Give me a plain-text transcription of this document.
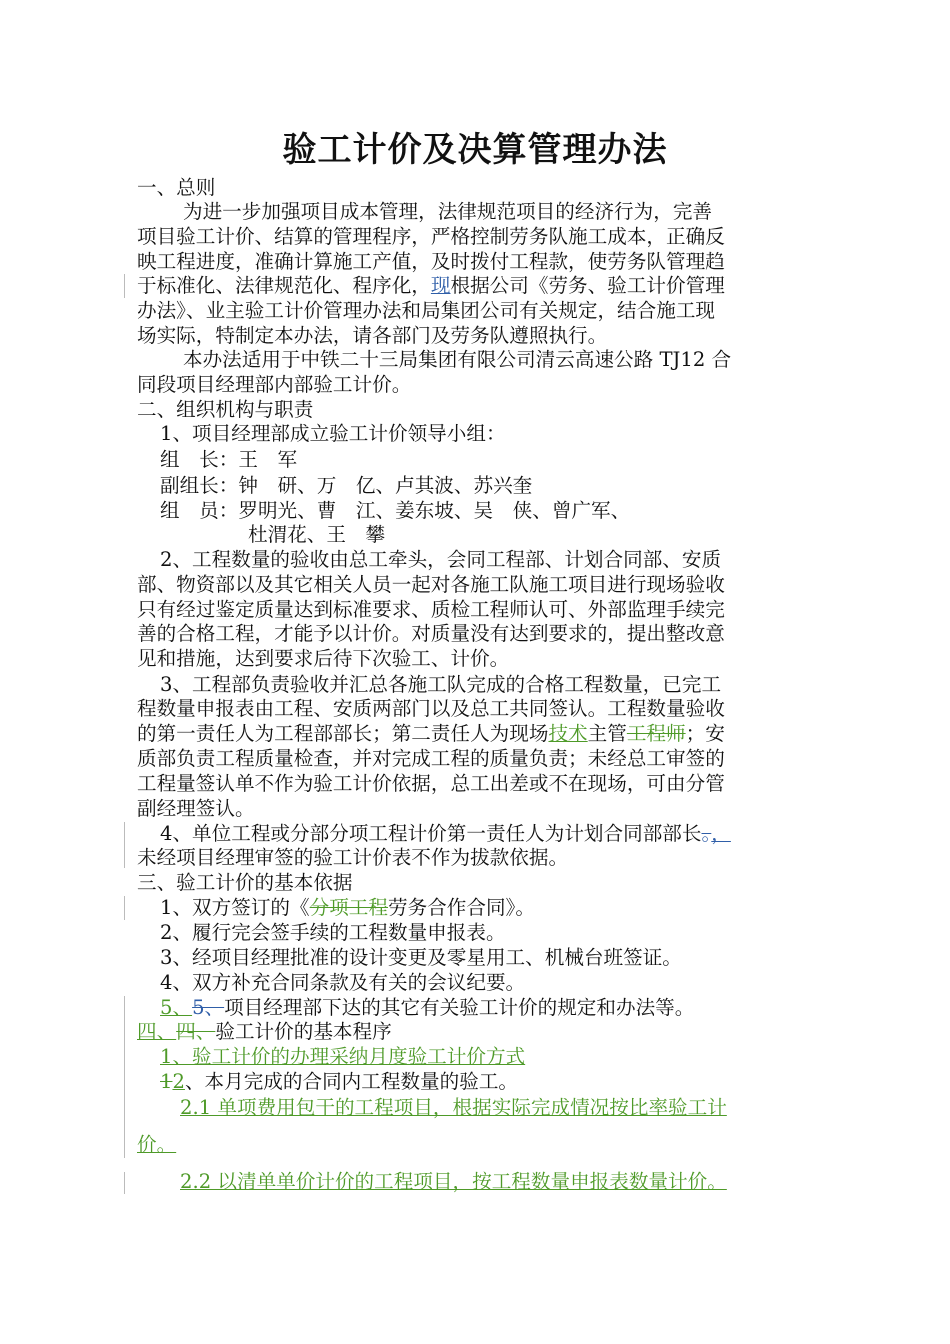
验工计价及决算管理办法
一、总则
为进一步加强项目成本管理，法律规范项目的经济行为，完善
项目验工计价、结算的管理程序，严格控制劳务队施工成本，正确反
映工程进度，准确计算施工产值，及时拨付工程款，使劳务队管理趋
于标准化、法律规范化、程序化，现根据公司《劳务、验工计价管理
办法》、业主验工计价管理办法和局集团公司有关规定，结合施工现
场实际，特制定本办法，请各部门及劳务队遵照执行。
本办法适用于中铁二十三局集团有限公司清云高速公路 TJ12 合
同段项目经理部内部验工计价。
二、组织机构与职责
1、项目经理部成立验工计价领导小组：
组　长：王　军
副组长：钟　研、万　亿、卢其波、苏兴奎
组　员：罗明光、曹　江、姜东坡、吴　侠、曾广军、
杜渭花、王　攀
2、工程数量的验收由总工牵头，会同工程部、计划合同部、安质
部、物资部以及其它相关人员一起对各施工队施工项目进行现场验收
只有经过鉴定质量达到标准要求、质检工程师认可、外部监理手续完
善的合格工程，才能予以计价。对质量没有达到要求的，提出整改意
见和措施，达到要求后待下次验工、计价。
3、工程部负责验收并汇总各施工队完成的合格工程数量，已完工
程数量申报表由工程、安质两部门以及总工共同签认。工程数量验收
的第一责任人为工程部部长；第二责任人为现场技术主管工程师；安
质部负责工程质量检查，并对完成工程的质量负责；未经总工审签的
工程量签认单不作为验工计价依据，总工出差或不在现场，可由分管
副经理签认。
4、单位工程或分部分项工程计价第一责任人为计划合同部部长。，
未经项目经理审签的验工计价表不作为拔款依据。
三、验工计价的基本依据
1、双方签订的《分项工程劳务合作合同》。
2、履行完会签手续的工程数量申报表。
3、经项目经理批准的设计变更及零星用工、机械台班签证。
4、双方补充合同条款及有关的会议纪要。
5、5、项目经理部下达的其它有关验工计价的规定和办法等。
四、四、验工计价的基本程序
1、验工计价的办理采纳月度验工计价方式
12、本月完成的合同内工程数量的验工。
2.1 单项费用包干的工程项目，根据实际完成情况按比率验工计
价。
2.2 以清单单价计价的工程项目，按工程数量申报表数量计价。
